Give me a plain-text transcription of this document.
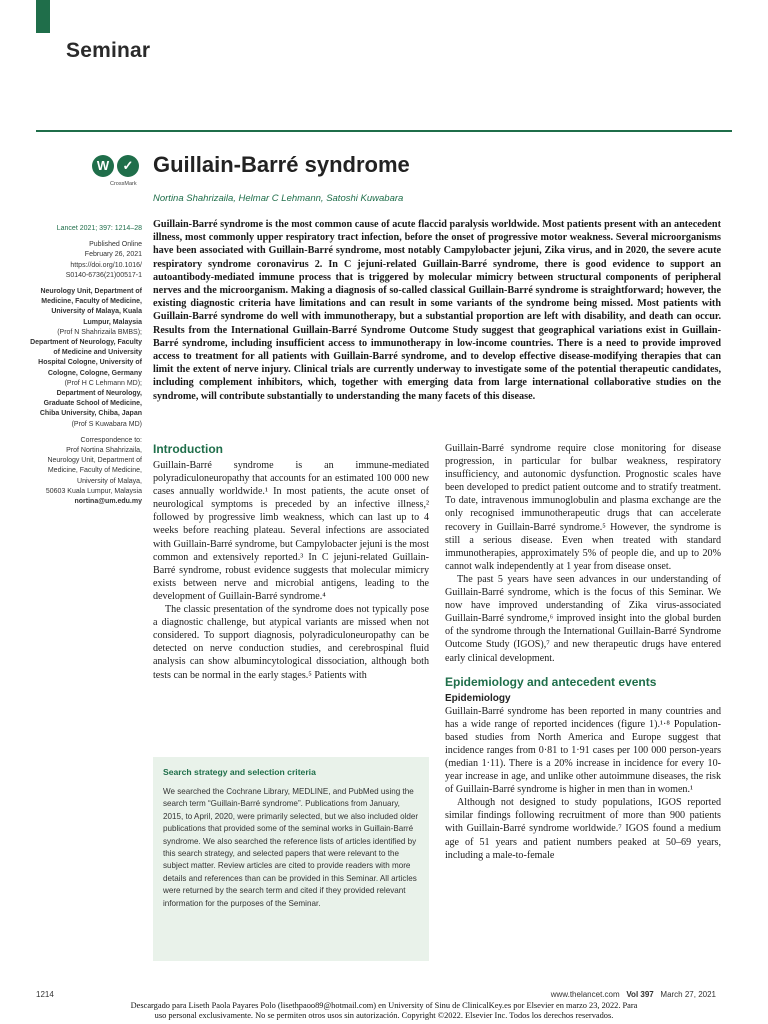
Seminar
W	✓
CrossMark
Guillain-Barré syndrome
Nortina Shahrizaila, Helmar C Lehmann, Satoshi Kuwabara
Lancet 2021; 397: 1214–28
Published Online
February 26, 2021
https://doi.org/10.1016/
S0140-6736(21)00517-1
Neurology Unit, Department of Medicine, Faculty of Medicine, University of Malaya, Kuala Lumpur, Malaysia
(Prof N Shahrizaila BMBS);
Department of Neurology, Faculty of Medicine and University Hospital Cologne, University of Cologne, Cologne, Germany
(Prof H C Lehmann MD);
Department of Neurology, Graduate School of Medicine, Chiba University, Chiba, Japan
(Prof S Kuwabara MD)
Correspondence to:
Prof Nortina Shahrizaila,
Neurology Unit, Department of Medicine, Faculty of Medicine, University of Malaya,
50603 Kuala Lumpur, Malaysia
nortina@um.edu.my

Guillain-Barré syndrome is the most common cause of acute flaccid paralysis worldwide. Most patients present with an antecedent illness, most commonly upper respiratory tract infection, before the onset of progressive motor weakness. Several microorganisms have been associated with Guillain-Barré syndrome, most notably Campylobacter jejuni, Zika virus, and in 2020, the severe acute respiratory syndrome coronavirus 2. In C jejuni-related Guillain-Barré syndrome, there is good evidence to support an autoantibody-mediated immune process that is triggered by molecular mimicry between structural components of peripheral nerves and the microorganism. Making a diagnosis of so-called classical Guillain-Barré syndrome is straightforward; however, the existing diagnostic criteria have limitations and can result in some variants of the syndrome being missed. Most patients with Guillain-Barré syndrome do well with immunotherapy, but a substantial proportion are left with disability, and death can occur. Results from the International Guillain-Barré Syndrome Outcome Study suggest that geographical variations exist in Guillain-Barré syndrome, including insufficient access to immunotherapy in low-income countries. There is a need to provide improved access to treatment for all patients with Guillain-Barré syndrome, and to develop effective disease-modifying therapies that can limit the extent of nerve injury. Clinical trials are currently underway to investigate some of the potential therapeutic candidates, including complement inhibitors, which, together with emerging data from large international collaborative studies on the syndrome, will contribute substantially to understanding the many facets of this disease.

Introduction

Guillain-Barré syndrome is an immune-mediated polyradiculoneuropathy that accounts for an estimated 100 000 new cases annually worldwide.¹ In most patients, the acute onset of neurological symptoms is preceded by an infective illness,² followed by progressive limb weakness, which can last up to 4 weeks before reaching plateau. Several infections are associated with Guillain-Barré syndrome, but Campylobacter jejuni is the most common and extensively reported.³ In C jejuni-related Guillain-Barré syndrome, robust evidence suggests that molecular mimicry exists between nerve and microbial antigens, leading to the development of Guillain-Barré syndrome.⁴

The classic presentation of the syndrome does not typically pose a diagnostic challenge, but atypical variants are missed when not considered. To support diagnosis, polyradiculoneuropathy can be detected on nerve conduction studies, and cerebrospinal fluid analysis can show albumincytological dissociation, although both tests can be normal in the early stages.⁵ Patients with

Search strategy and selection criteria
We searched the Cochrane Library, MEDLINE, and PubMed using the search term “Guillain-Barré syndrome”. Publications from January, 2015, to April, 2020, were primarily selected, but we also included older publications that provided some of the seminal works in Guillain-Barré syndrome. We also searched the reference lists of articles identified by this search strategy, and selected papers that were relevant to the subject matter. Review articles are cited to provide readers with more details and references than can be provided in this Seminar. All articles were returned by the search term and cited if they provided relevant information for the purposes of the Seminar.

Guillain-Barré syndrome require close monitoring for disease progression, in particular for bulbar weakness, respiratory insufficiency, and autonomic dysfunction. Prognostic scales have been developed to predict patient outcome and to stratify treatment. To date, intravenous immunoglobulin and plasma exchange are the only recognised immunotherapeutic drugs that can accelerate recovery in Guillain-Barré syndrome.⁵ However, the syndrome is still a serious disease. Even when treated with standard immunotherapies, approximately 5% of people die, and up to 20% cannot walk independently at 1 year from disease onset.

The past 5 years have seen advances in our understanding of Guillain-Barré syndrome, which is the focus of this Seminar. We now have improved understanding of Zika virus-associated Guillain-Barré syndrome,⁶ improved insight into the global burden of the syndrome through the International Guillain-Barré Syndrome Outcome Study (IGOS),⁷ and new therapeutic drugs have entered early clinical development.

Epidemiology and antecedent events
Epidemiology

Guillain-Barré syndrome has been reported in many countries and has a wide range of reported incidences (figure 1).¹·⁸ Population-based studies from North America and Europe suggest that incidence ranges from 0·81 to 1·91 cases per 100 000 person-years (median 1·11). There is a 20% increase in incidence for every 10-year increase in age, and unlike other autoimmune diseases, the risk of Guillain-Barré syndrome is higher in men than in women.¹

Although not designed to study populations, IGOS reported similar findings following recruitment of more than 900 patients with Guillain-Barré syndrome worldwide.⁷ IGOS found a medium age of 51 years and patient numbers peaked at 50–69 years, including a male-to-female

1214	www.thelancet.com Vol 397 March 27, 2021
Descargado para Liseth Paola Payares Polo (lisethpaoo89@hotmail.com) en University of Sinu de ClinicalKey.es por Elsevier en marzo 23, 2022. Para
uso personal exclusivamente. No se permiten otros usos sin autorización. Copyright ©2022. Elsevier Inc. Todos los derechos reservados.
